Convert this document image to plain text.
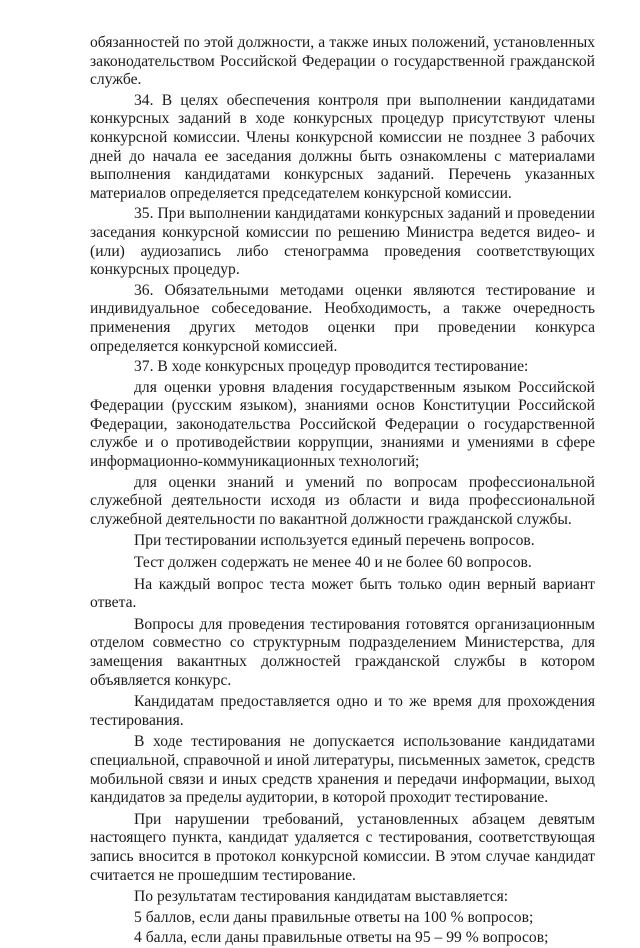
обязанностей по этой должности, а также иных положений, установленных законодательством Российской Федерации о государственной гражданской службе.

34. В целях обеспечения контроля при выполнении кандидатами конкурсных заданий в ходе конкурсных процедур присутствуют члены конкурсной комиссии. Члены конкурсной комиссии не позднее 3 рабочих дней до начала ее заседания должны быть ознакомлены с материалами выполнения кандидатами конкурсных заданий. Перечень указанных материалов определяется председателем конкурсной комиссии.

35. При выполнении кандидатами конкурсных заданий и проведении заседания конкурсной комиссии по решению Министра ведется видео- и (или) аудиозапись либо стенограмма проведения соответствующих конкурсных процедур.

36. Обязательными методами оценки являются тестирование и индивидуальное собеседование. Необходимость, а также очередность применения других методов оценки при проведении конкурса определяется конкурсной комиссией.

37. В ходе конкурсных процедур проводится тестирование:

для оценки уровня владения государственным языком Российской Федерации (русским языком), знаниями основ Конституции Российской Федерации, законодательства Российской Федерации о государственной службе и о противодействии коррупции, знаниями и умениями в сфере информационно-коммуникационных технологий;

для оценки знаний и умений по вопросам профессиональной служебной деятельности исходя из области и вида профессиональной служебной деятельности по вакантной должности гражданской службы.

При тестировании используется единый перечень вопросов.

Тест должен содержать не менее 40 и не более 60 вопросов.

На каждый вопрос теста может быть только один верный вариант ответа.

Вопросы для проведения тестирования готовятся организационным отделом совместно со структурным подразделением Министерства, для замещения вакантных должностей гражданской службы в котором объявляется конкурс.

Кандидатам предоставляется одно и то же время для прохождения тестирования.

В ходе тестирования не допускается использование кандидатами специальной, справочной и иной литературы, письменных заметок, средств мобильной связи и иных средств хранения и передачи информации, выход кандидатов за пределы аудитории, в которой проходит тестирование.

При нарушении требований, установленных абзацем девятым настоящего пункта, кандидат удаляется с тестирования, соответствующая запись вносится в протокол конкурсной комиссии. В этом случае кандидат считается не прошедшим тестирование.

По результатам тестирования кандидатам выставляется:

5 баллов, если даны правильные ответы на 100 % вопросов;

4 балла, если даны правильные ответы на 95 – 99 % вопросов;
